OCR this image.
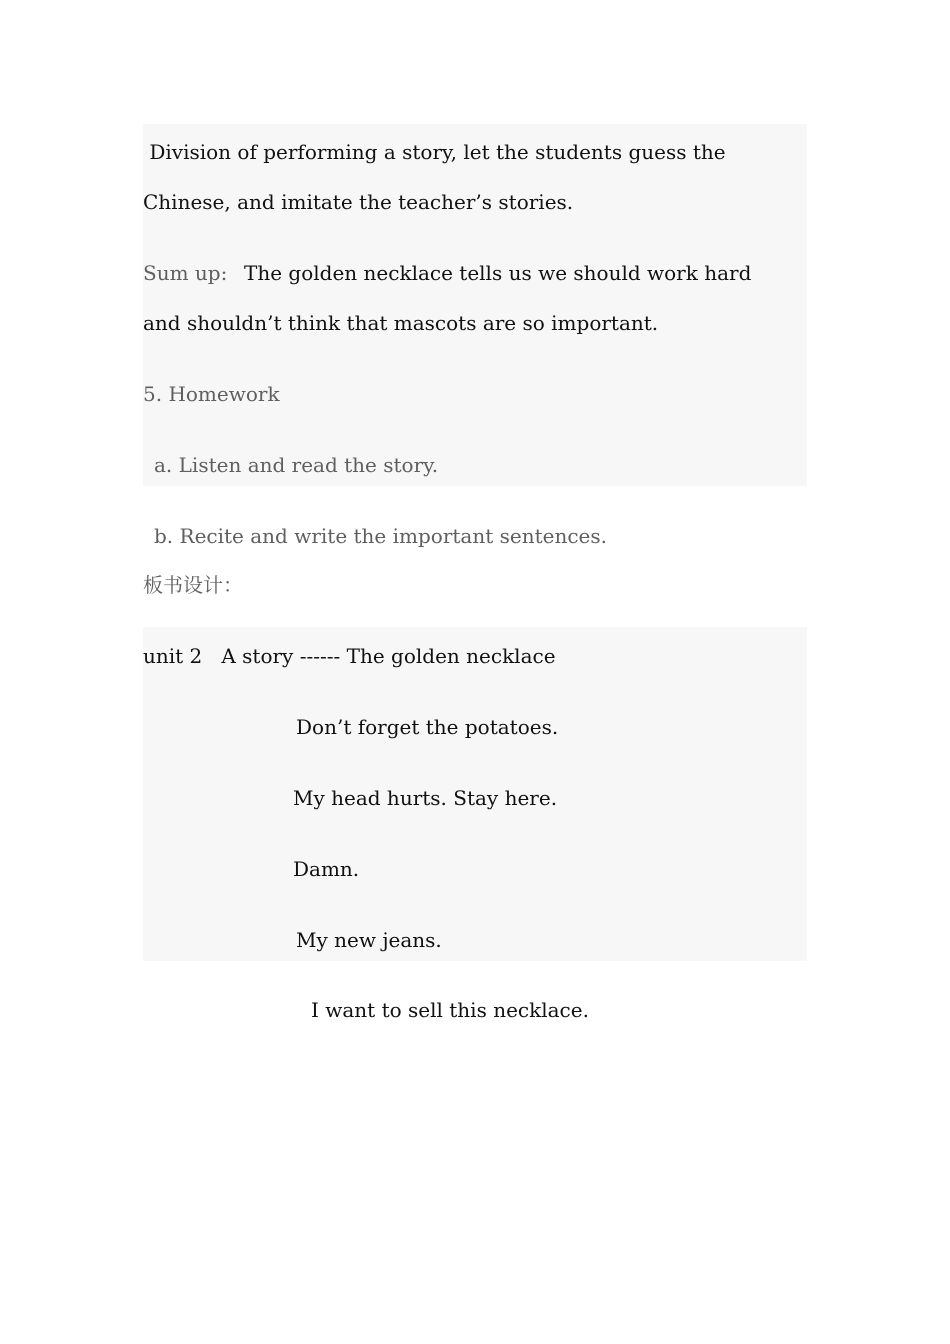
Division of performing a story, let the students guess the
Chinese, and imitate the teacher’s stories.
Sum up: The golden necklace tells us we should work hard
and shouldn’t think that mascots are so important.
5. Homework
a. Listen and read the story.
b. Recite and write the important sentences.
板书设计：
unit 2   A story ------ The golden necklace
Don’t forget the potatoes.
My head hurts. Stay here.
Damn.
My new jeans.
I want to sell this necklace.
